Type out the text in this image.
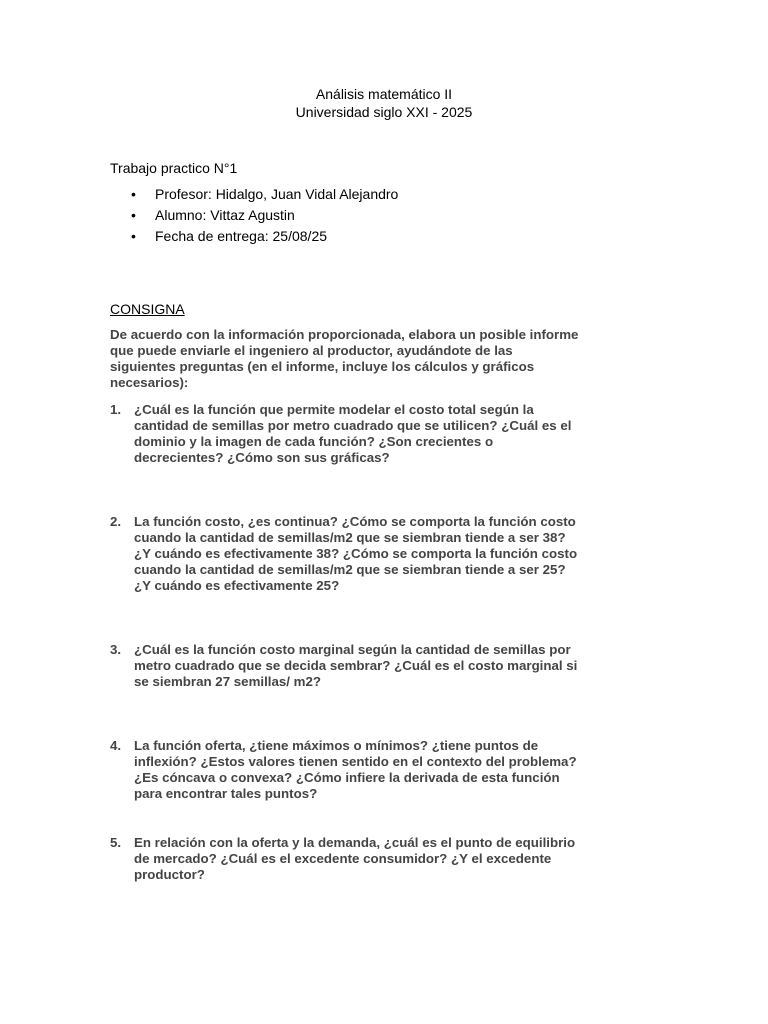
Análisis matemático II
Universidad siglo XXI - 2025
Trabajo practico N°1
• Profesor: Hidalgo, Juan Vidal Alejandro
• Alumno: Vittaz Agustin
• Fecha de entrega: 25/08/25
CONSIGNA
De acuerdo con la información proporcionada, elabora un posible informe que puede enviarle el ingeniero al productor, ayudándote de las siguientes preguntas (en el informe, incluye los cálculos y gráficos necesarios):
1. ¿Cuál es la función que permite modelar el costo total según la cantidad de semillas por metro cuadrado que se utilicen? ¿Cuál es el dominio y la imagen de cada función? ¿Son crecientes o decrecientes? ¿Cómo son sus gráficas?
2. La función costo, ¿es continua? ¿Cómo se comporta la función costo cuando la cantidad de semillas/m2 que se siembran tiende a ser 38? ¿Y cuándo es efectivamente 38? ¿Cómo se comporta la función costo cuando la cantidad de semillas/m2 que se siembran tiende a ser 25? ¿Y cuándo es efectivamente 25?
3. ¿Cuál es la función costo marginal según la cantidad de semillas por metro cuadrado que se decida sembrar? ¿Cuál es el costo marginal si se siembran 27 semillas/ m2?
4. La función oferta, ¿tiene máximos o mínimos? ¿tiene puntos de inflexión? ¿Estos valores tienen sentido en el contexto del problema? ¿Es cóncava o convexa? ¿Cómo infiere la derivada de esta función para encontrar tales puntos?
5. En relación con la oferta y la demanda, ¿cuál es el punto de equilibrio de mercado? ¿Cuál es el excedente consumidor? ¿Y el excedente productor?
